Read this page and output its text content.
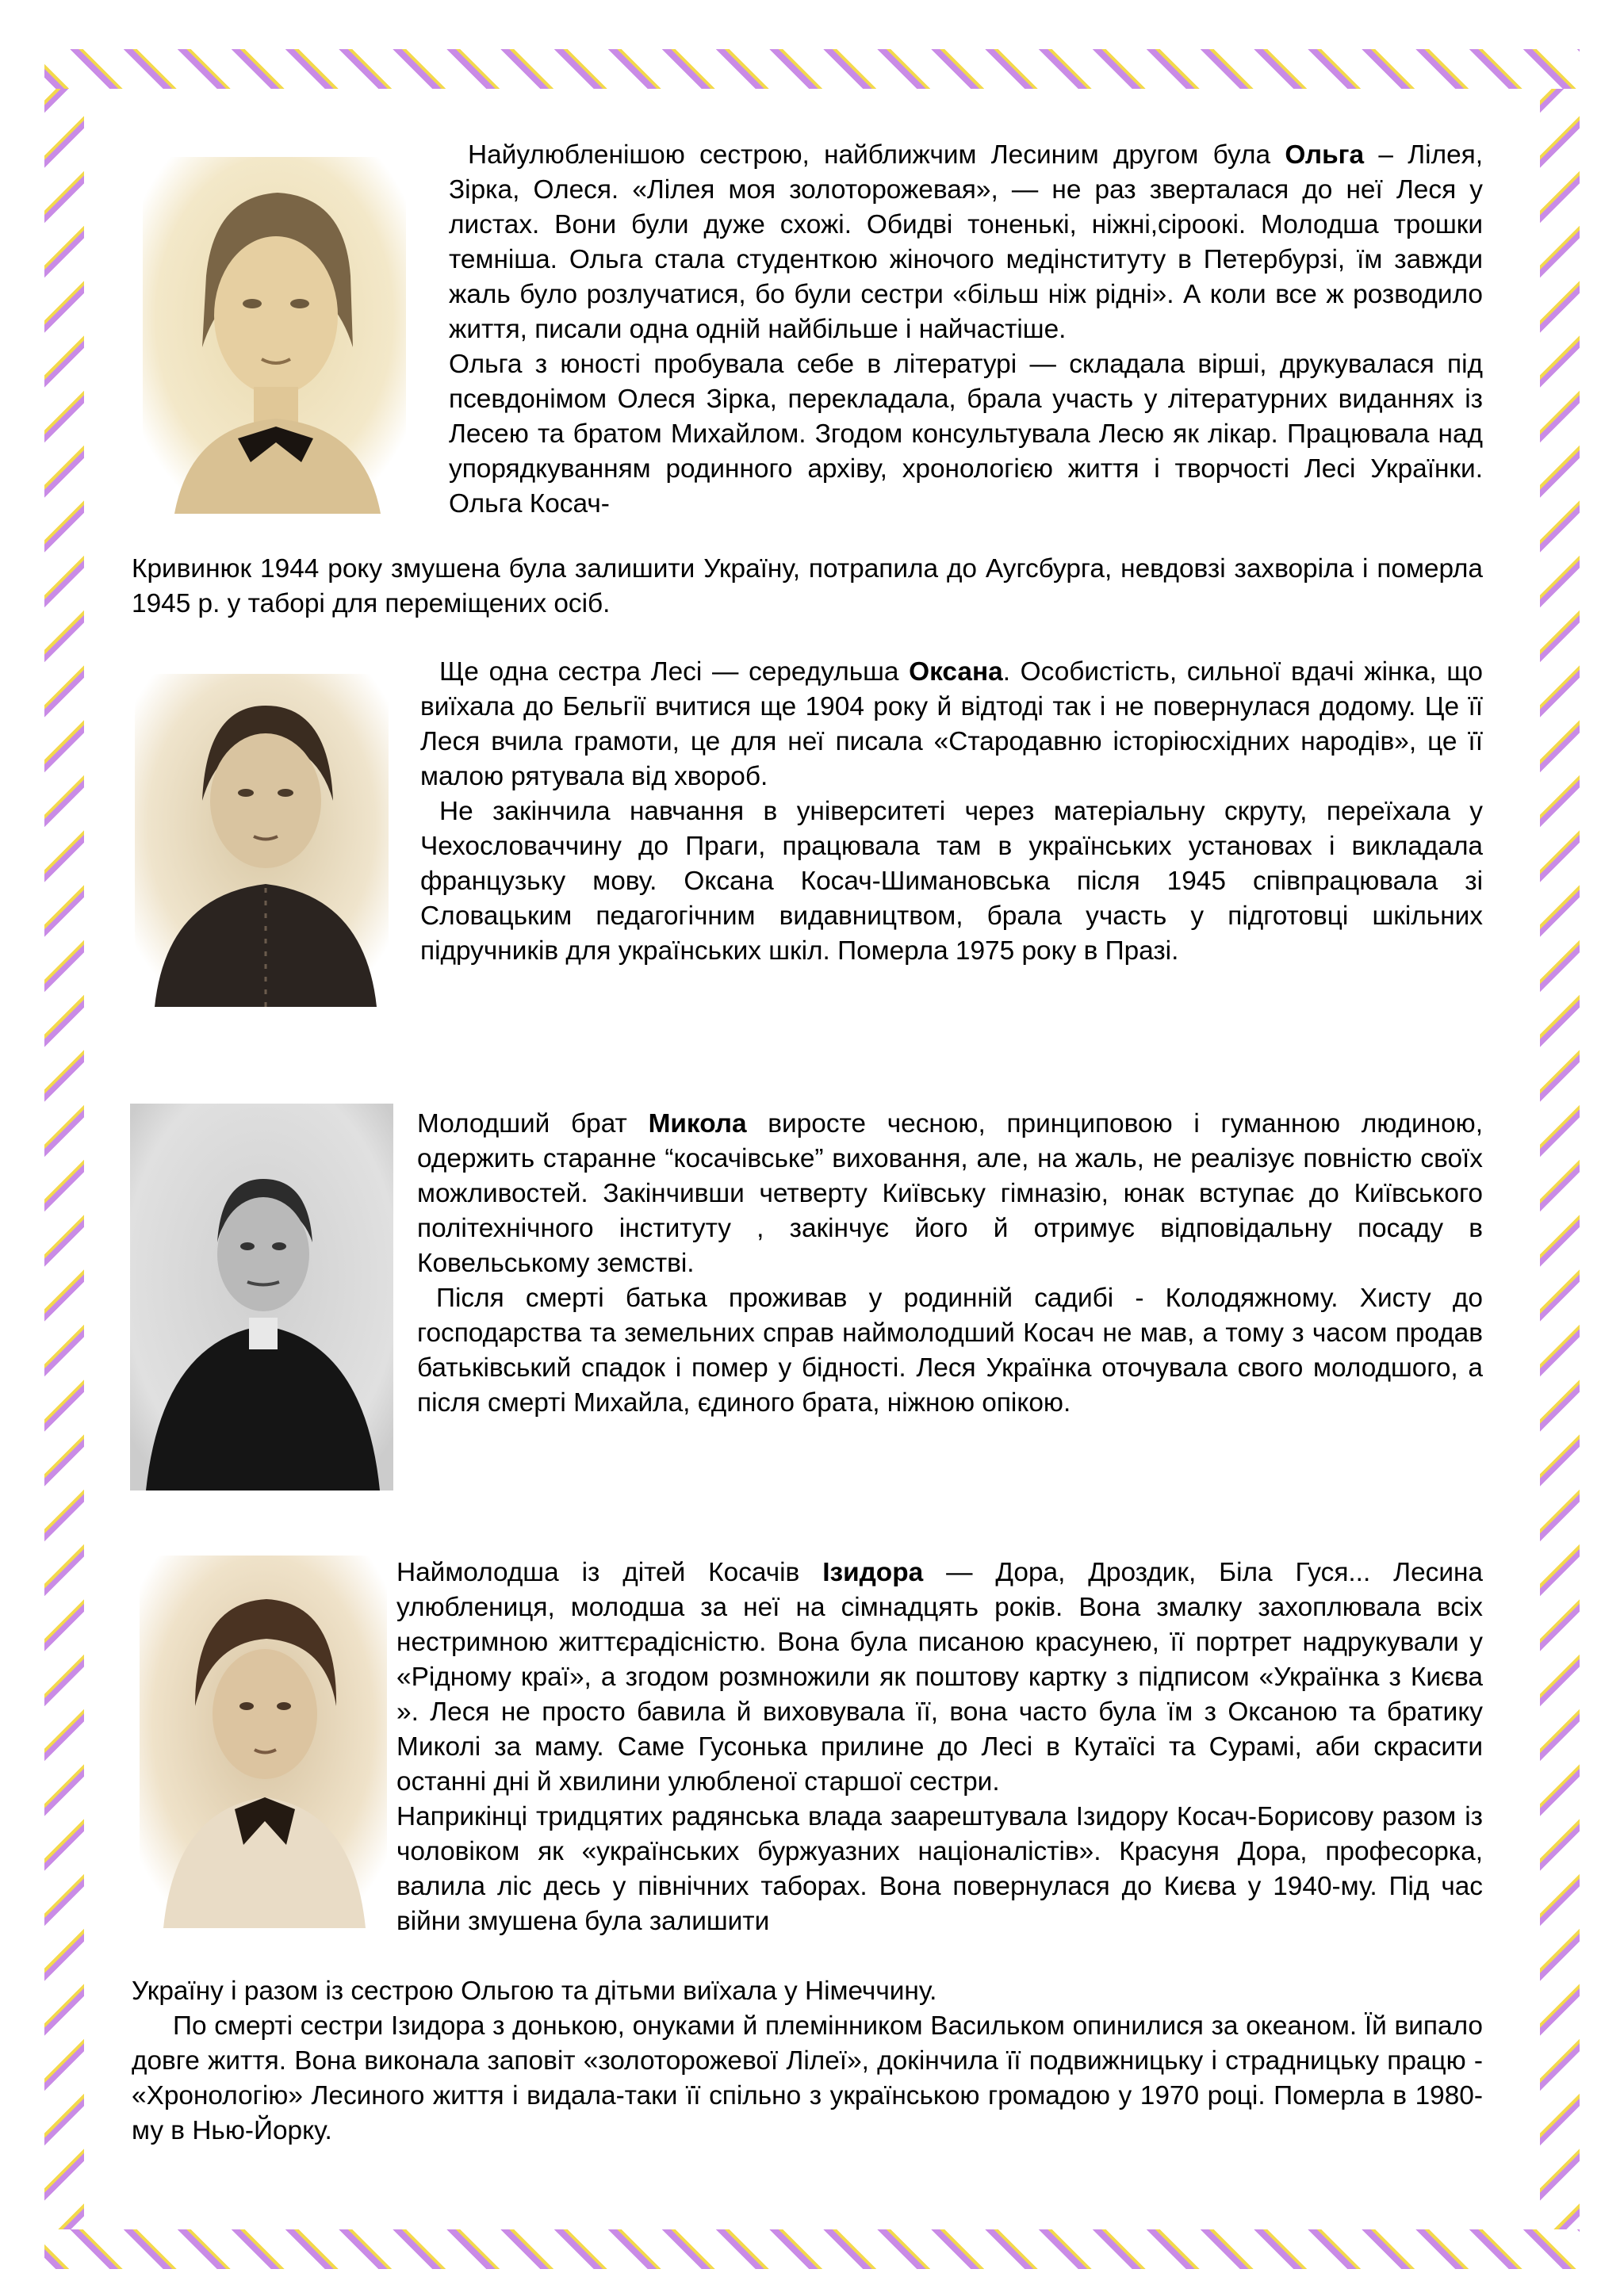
Найулюбленішою сестрою, найближчим Лесиним другом була Ольга – Лілея, Зірка, Олеся. «Лілея моя золоторожевая», — не раз зверталася до неї Леся у листах. Вони були дуже схожі. Обидві тоненькі, ніжні,сіроокі. Молодша трошки темніша. Ольга стала студенткою жіночого медінституту в Петербурзі, їм завжди жаль було розлучатися, бо були сестри «більш ніж рідні». А коли все ж розводило життя, писали одна одній найбільше і найчастіше.

Ольга з юності пробувала себе в літературі — складала вірші, друкувалася під псевдонімом Олеся Зірка, перекладала, брала участь у літературних виданнях із Лесею та братом Михайлом. Згодом консультувала Лесю як лікар. Працювала над упорядкуванням родинного архіву, хронологією життя і творчості Лесі Українки. Ольга Косач-

Кривинюк 1944 року змушена була залишити Україну, потрапила до Аугсбурга, невдовзі захворіла і померла 1945 р. у таборі для переміщених осіб.

Ще одна сестра Лесі — середульша Оксана. Особистість, сильної вдачі жінка, що виїхала до Бельгії вчитися ще 1904 року й відтоді так і не повернулася додому. Це її Леся вчила грамоти, це для неї писала «Стародавню історіюсхідних народів», це її малою рятувала від хвороб.

Не закінчила навчання в університеті через матеріальну скруту, переїхала у Чехословаччину до Праги, працювала там в українських установах і викладала французьку мову. Оксана Косач-Шимановська після 1945 співпрацювала зі Словацьким педагогічним видавництвом, брала участь у підготовці шкільних підручників для українських шкіл. Померла 1975 року в Празі.

Молодший брат Микола виросте чесною, принциповою і гуманною людиною, одержить старанне “косачівське” виховання, але, на жаль, не реалізує повністю своїх можливостей. Закінчивши четверту Київську гімназію, юнак вступає до Київського політехнічного інституту , закінчує його й отримує відповідальну посаду в Ковельському земстві.

Після смерті батька проживав у родинній садибі - Колодяжному. Хисту до господарства та земельних справ наймолодший Косач не мав, а тому з часом продав батьківський спадок і помер у бідності. Леся Українка оточувала свого молодшого, а після смерті Михайла, єдиного брата, ніжною опікою.

Наймолодша із дітей Косачів Ізидора — Дора, Дроздик, Біла Гуся... Лесина улюблениця, молодша за неї на сімнадцять років. Вона змалку захоплювала всіх нестримною життєрадісністю. Вона була писаною красунею, її портрет надрукували у «Рідному краї», а згодом розмножили як поштову картку з підписом «Українка з Києва ». Леся не просто бавила й виховувала її, вона часто була їм з Оксаною та братику Миколі за маму. Саме Гусонька прилине до Лесі в Кутаїсі та Сурамі, аби скрасити останні дні й хвилини улюбленої старшої сестри.

Наприкінці тридцятих радянська влада заарештувала Ізидору Косач-Борисову разом із чоловіком як «українських буржуазних націоналістів». Красуня Дора, професорка, валила ліс десь у північних таборах. Вона повернулася до Києва у 1940-му. Під час війни змушена була залишити

Україну і разом із сестрою Ольгою та дітьми виїхала у Німеччину.

По смерті сестри Ізидора з донькою, онуками й племінником Васильком опинилися за океаном. Їй випало довге життя. Вона виконала заповіт «золоторожевої Лілеї», докінчила її подвижницьку і страдницьку працю - «Хронологію» Лесиного життя і видала-таки її спільно з українською громадою у 1970 році. Померла в 1980-му в Нью-Йорку.
